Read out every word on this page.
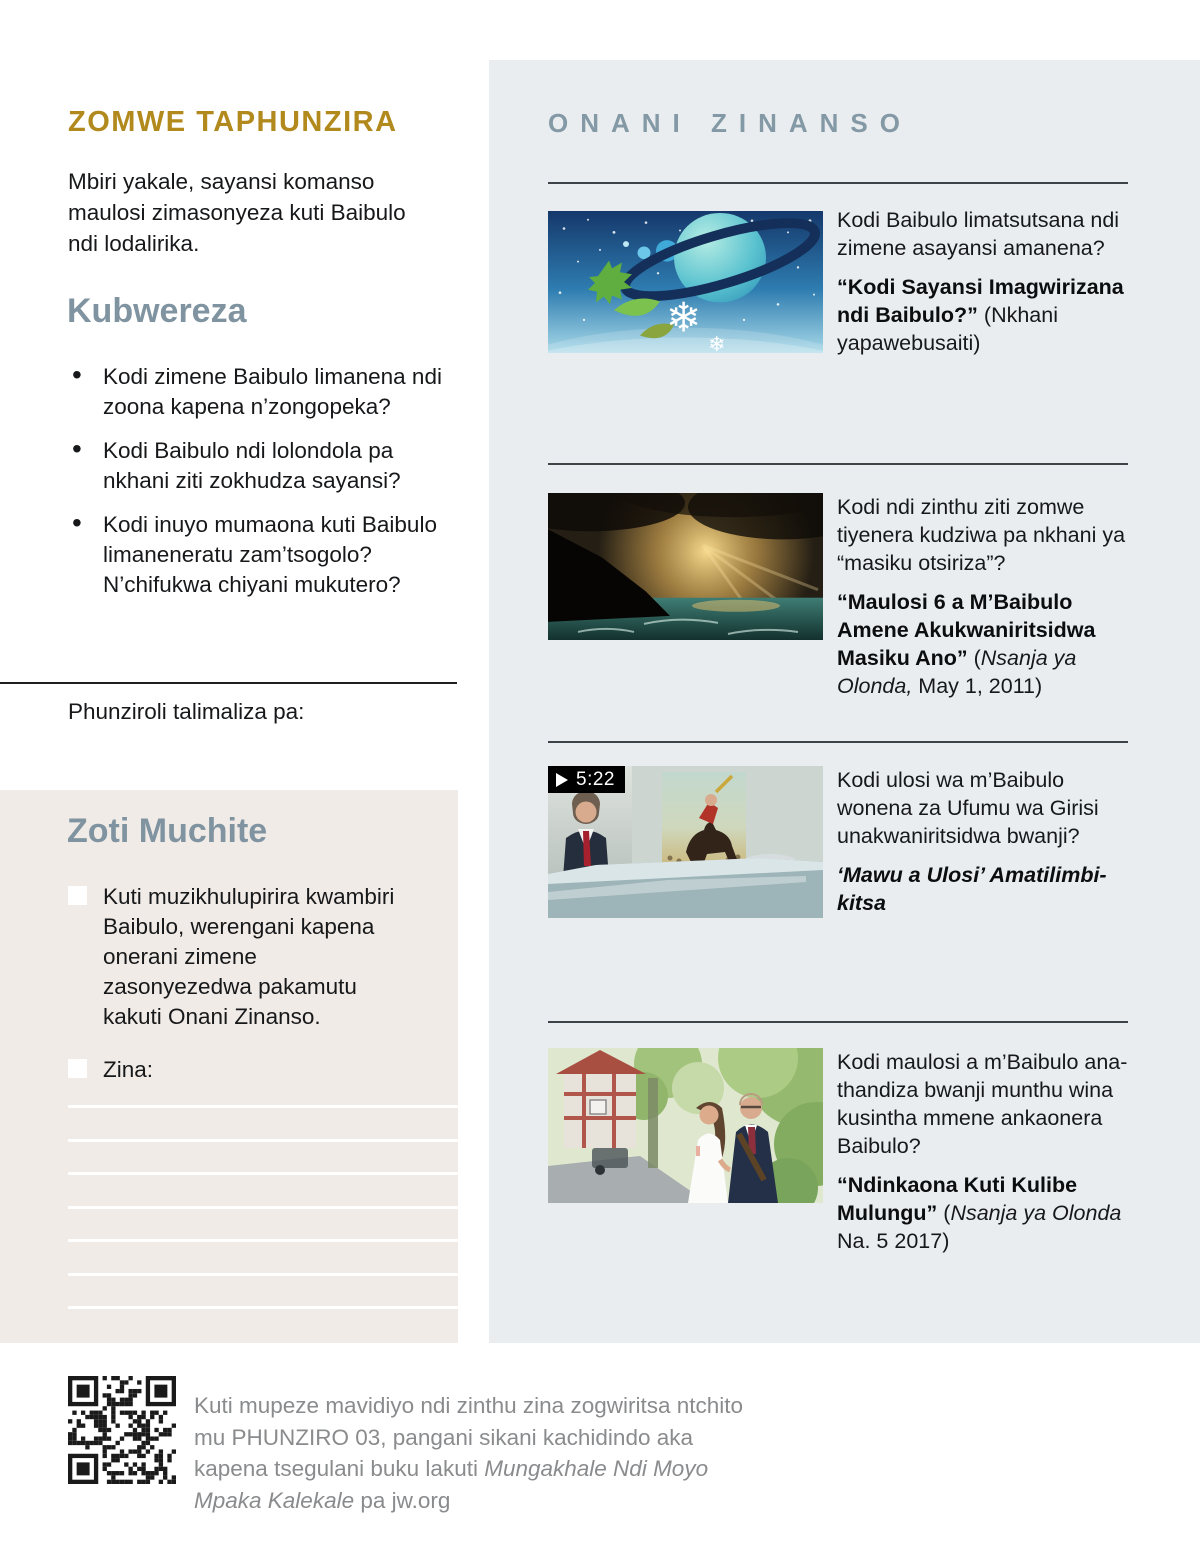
ZOMWE TAPHUNZIRA

Mbiri yakale, sayansi komanso maulosi zimasonyeza kuti Baibulo ndi lodalirika.

Kubwereza
• Kodi zimene Baibulo limanena ndi zoona kapena n’zongopeka?
• Kodi Baibulo ndi lolondola pa nkhani ziti zokhudza sayansi?
• Kodi inuyo mumaona kuti Baibulo limaneneratu zam’tsogolo? N’chifukwa chiyani mukutero?

Phunziroli talimaliza pa:

Zoti Muchite

Kuti muzikhulupirira kwambiri Baibulo, werengani kapena onerani zimene zasonyezedwa pakamutu kakuti Onani Zinanso.

Zina:

ONANI ZINANSO
❄
❄

Kodi Baibulo limatsutsana ndi zimene asayansi amanena?

“Kodi Sayansi Imagwirizana ndi Baibulo?” (Nkhani yapawebusaiti)

Kodi ndi zinthu ziti zomwe tiyenera kudziwa pa nkhani ya “masiku otsiriza”?

“Maulosi 6 a M’Baibulo Amene Akukwaniritsidwa Masiku Ano” (Nsanja ya Olonda, May 1, 2011)
5:22	Kodi ulosi wa m’Baibulo wonena za Ufumu wa Girisi unakwaniritsidwa bwanji?

‘Mawu a Ulosi’ Amatilimbikitsa

Kodi maulosi a m’Baibulo anathandiza bwanji munthu wina kusintha mmene ankaonera Baibulo?

“Ndinkaona Kuti Kulibe Mulungu” (Nsanja ya Olonda Na. 5 2017)

Kuti mupeze mavidiyo ndi zinthu zina zogwiritsa ntchito mu PHUNZIRO 03, pangani sikani kachidindo aka kapena tsegulani buku lakuti Mungakhale Ndi Moyo Mpaka Kalekale pa jw.org
